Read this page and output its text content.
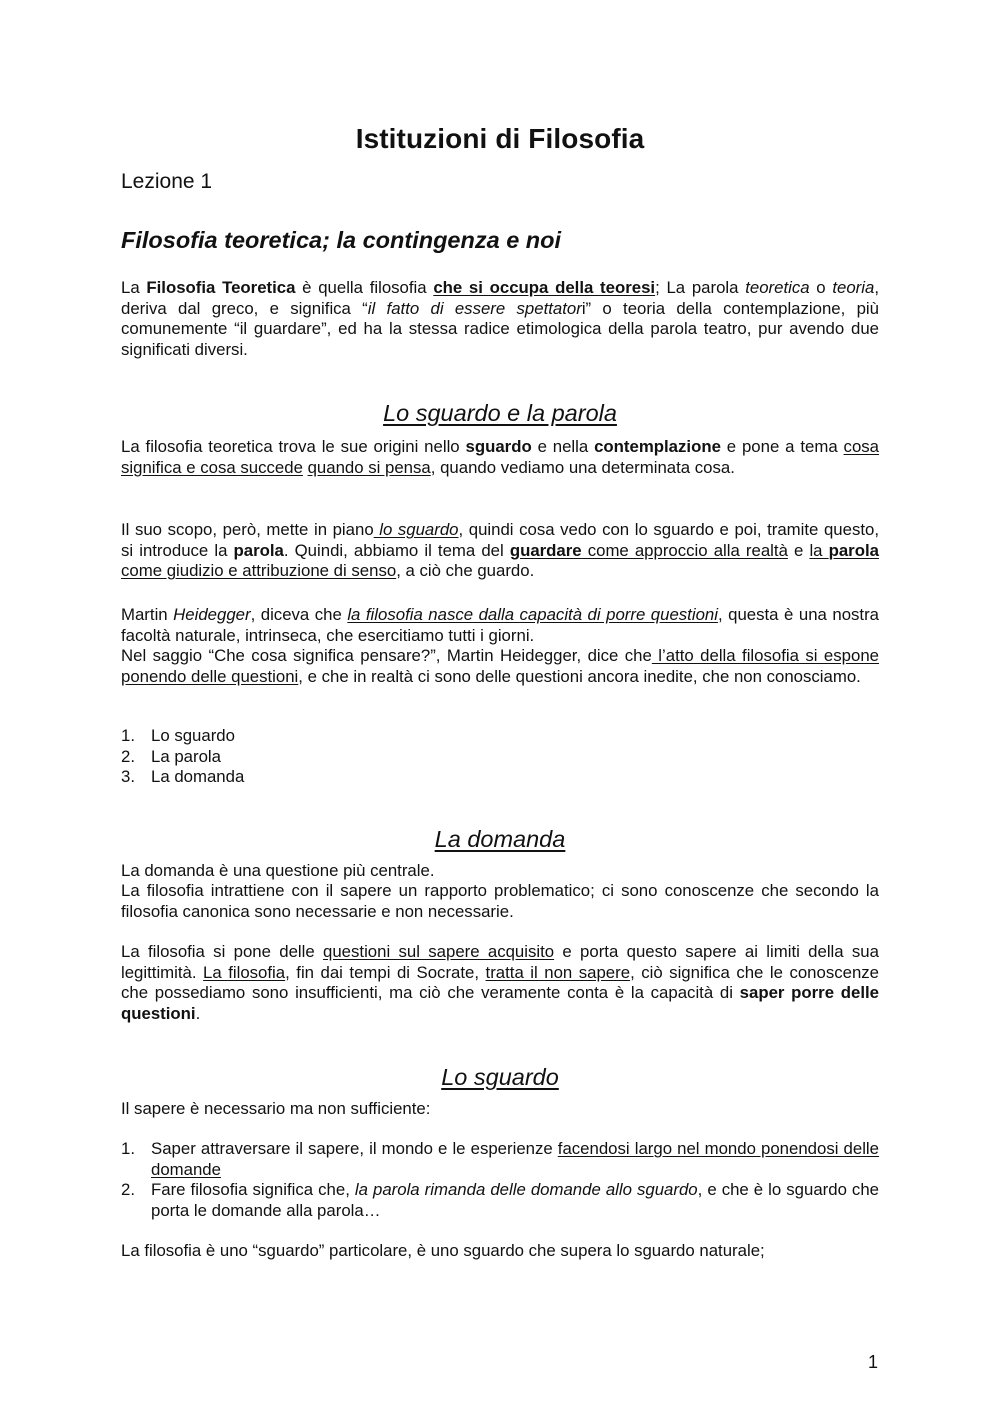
Istituzioni di Filosofia

Lezione 1

Filosofia teoretica; la contingenza e noi

La Filosofia Teoretica è quella filosofia che si occupa della teoresi; La parola teoretica o teoria, deriva dal greco, e significa “il fatto di essere spettatori” o teoria della contemplazione, più comunemente “il guardare”, ed ha la stessa radice etimologica della parola teatro, pur avendo due significati diversi.

Lo sguardo e la parola

La filosofia teoretica trova le sue origini nello sguardo e nella contemplazione e pone a tema cosa significa e cosa succede quando si pensa, quando vediamo una determinata cosa.

Il suo scopo, però, mette in piano lo sguardo, quindi cosa vedo con lo sguardo e poi, tramite questo, si introduce la parola. Quindi, abbiamo il tema del guardare come approccio alla realtà e la parola come giudizio e attribuzione di senso, a ciò che guardo.

Martin Heidegger, diceva che la filosofia nasce dalla capacità di porre questioni, questa è una nostra facoltà naturale, intrinseca, che esercitiamo tutti i giorni.

Nel saggio “Che cosa significa pensare?”, Martin Heidegger, dice che l’atto della filosofia si espone ponendo delle questioni, e che in realtà ci sono delle questioni ancora inedite, che non conosciamo.

1. Lo sguardo
2. La parola
3. La domanda
La domanda

La domanda è una questione più centrale.

La filosofia intrattiene con il sapere un rapporto problematico; ci sono conoscenze che secondo la filosofia canonica sono necessarie e non necessarie.

La filosofia si pone delle questioni sul sapere acquisito e porta questo sapere ai limiti della sua legittimità. La filosofia, fin dai tempi di Socrate, tratta il non sapere, ciò significa che le conoscenze che possediamo sono insufficienti, ma ciò che veramente conta è la capacità di saper porre delle questioni.

Lo sguardo

Il sapere è necessario ma non sufficiente:

1. Saper attraversare il sapere, il mondo e le esperienze facendosi largo nel mondo ponendosi delle domande
2. Fare filosofia significa che, la parola rimanda delle domande allo sguardo, e che è lo sguardo che porta le domande alla parola…

La filosofia è uno “sguardo” particolare, è uno sguardo che supera lo sguardo naturale;

1
